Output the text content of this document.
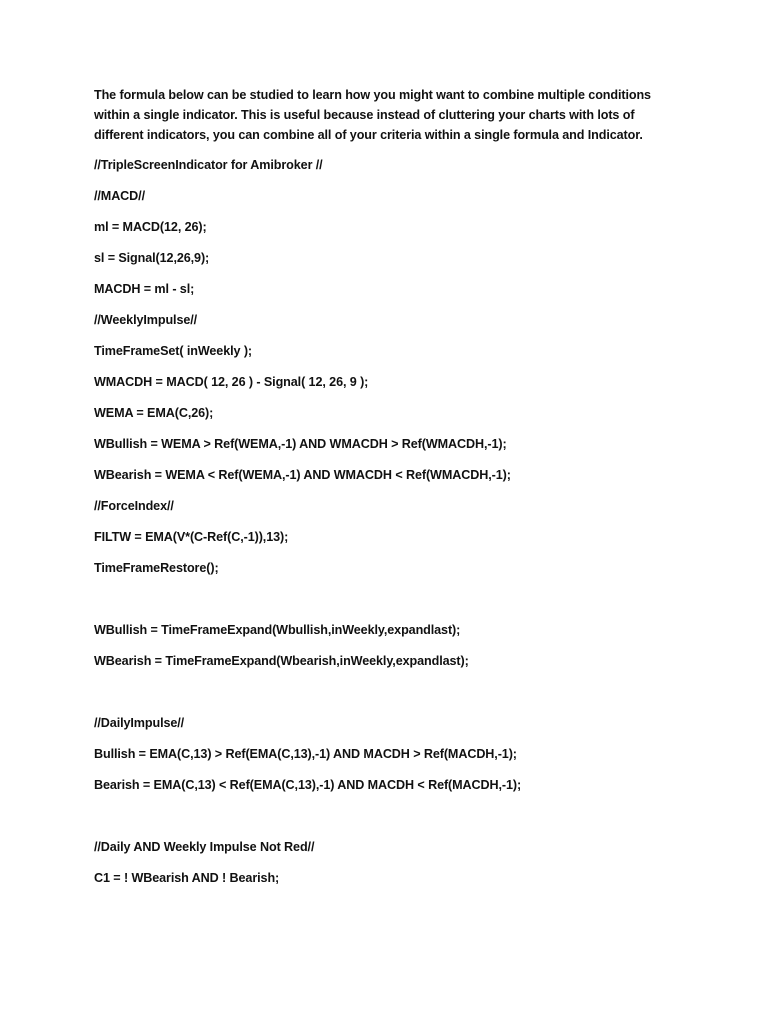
The formula below can be studied to learn how you might want to combine multiple conditions within a single indicator. This is useful because instead of cluttering your charts with lots of different indicators, you can combine all of your criteria within a single formula and Indicator.

//TripleScreenIndicator for Amibroker //

//MACD//

ml = MACD(12, 26);

sl = Signal(12,26,9);

MACDH = ml - sl;

//WeeklyImpulse//

TimeFrameSet( inWeekly );

WMACDH = MACD( 12, 26 ) - Signal( 12, 26, 9 );

WEMA = EMA(C,26);

WBullish = WEMA > Ref(WEMA,-1) AND WMACDH > Ref(WMACDH,-1);

WBearish = WEMA < Ref(WEMA,-1) AND WMACDH < Ref(WMACDH,-1);

//ForceIndex//

FILTW = EMA(V*(C-Ref(C,-1)),13);

TimeFrameRestore();

WBullish = TimeFrameExpand(Wbullish,inWeekly,expandlast);

WBearish = TimeFrameExpand(Wbearish,inWeekly,expandlast);

//DailyImpulse//

Bullish = EMA(C,13) > Ref(EMA(C,13),-1) AND MACDH > Ref(MACDH,-1);

Bearish = EMA(C,13) < Ref(EMA(C,13),-1) AND MACDH < Ref(MACDH,-1);

//Daily AND Weekly Impulse Not Red//

C1 = ! WBearish AND ! Bearish;
